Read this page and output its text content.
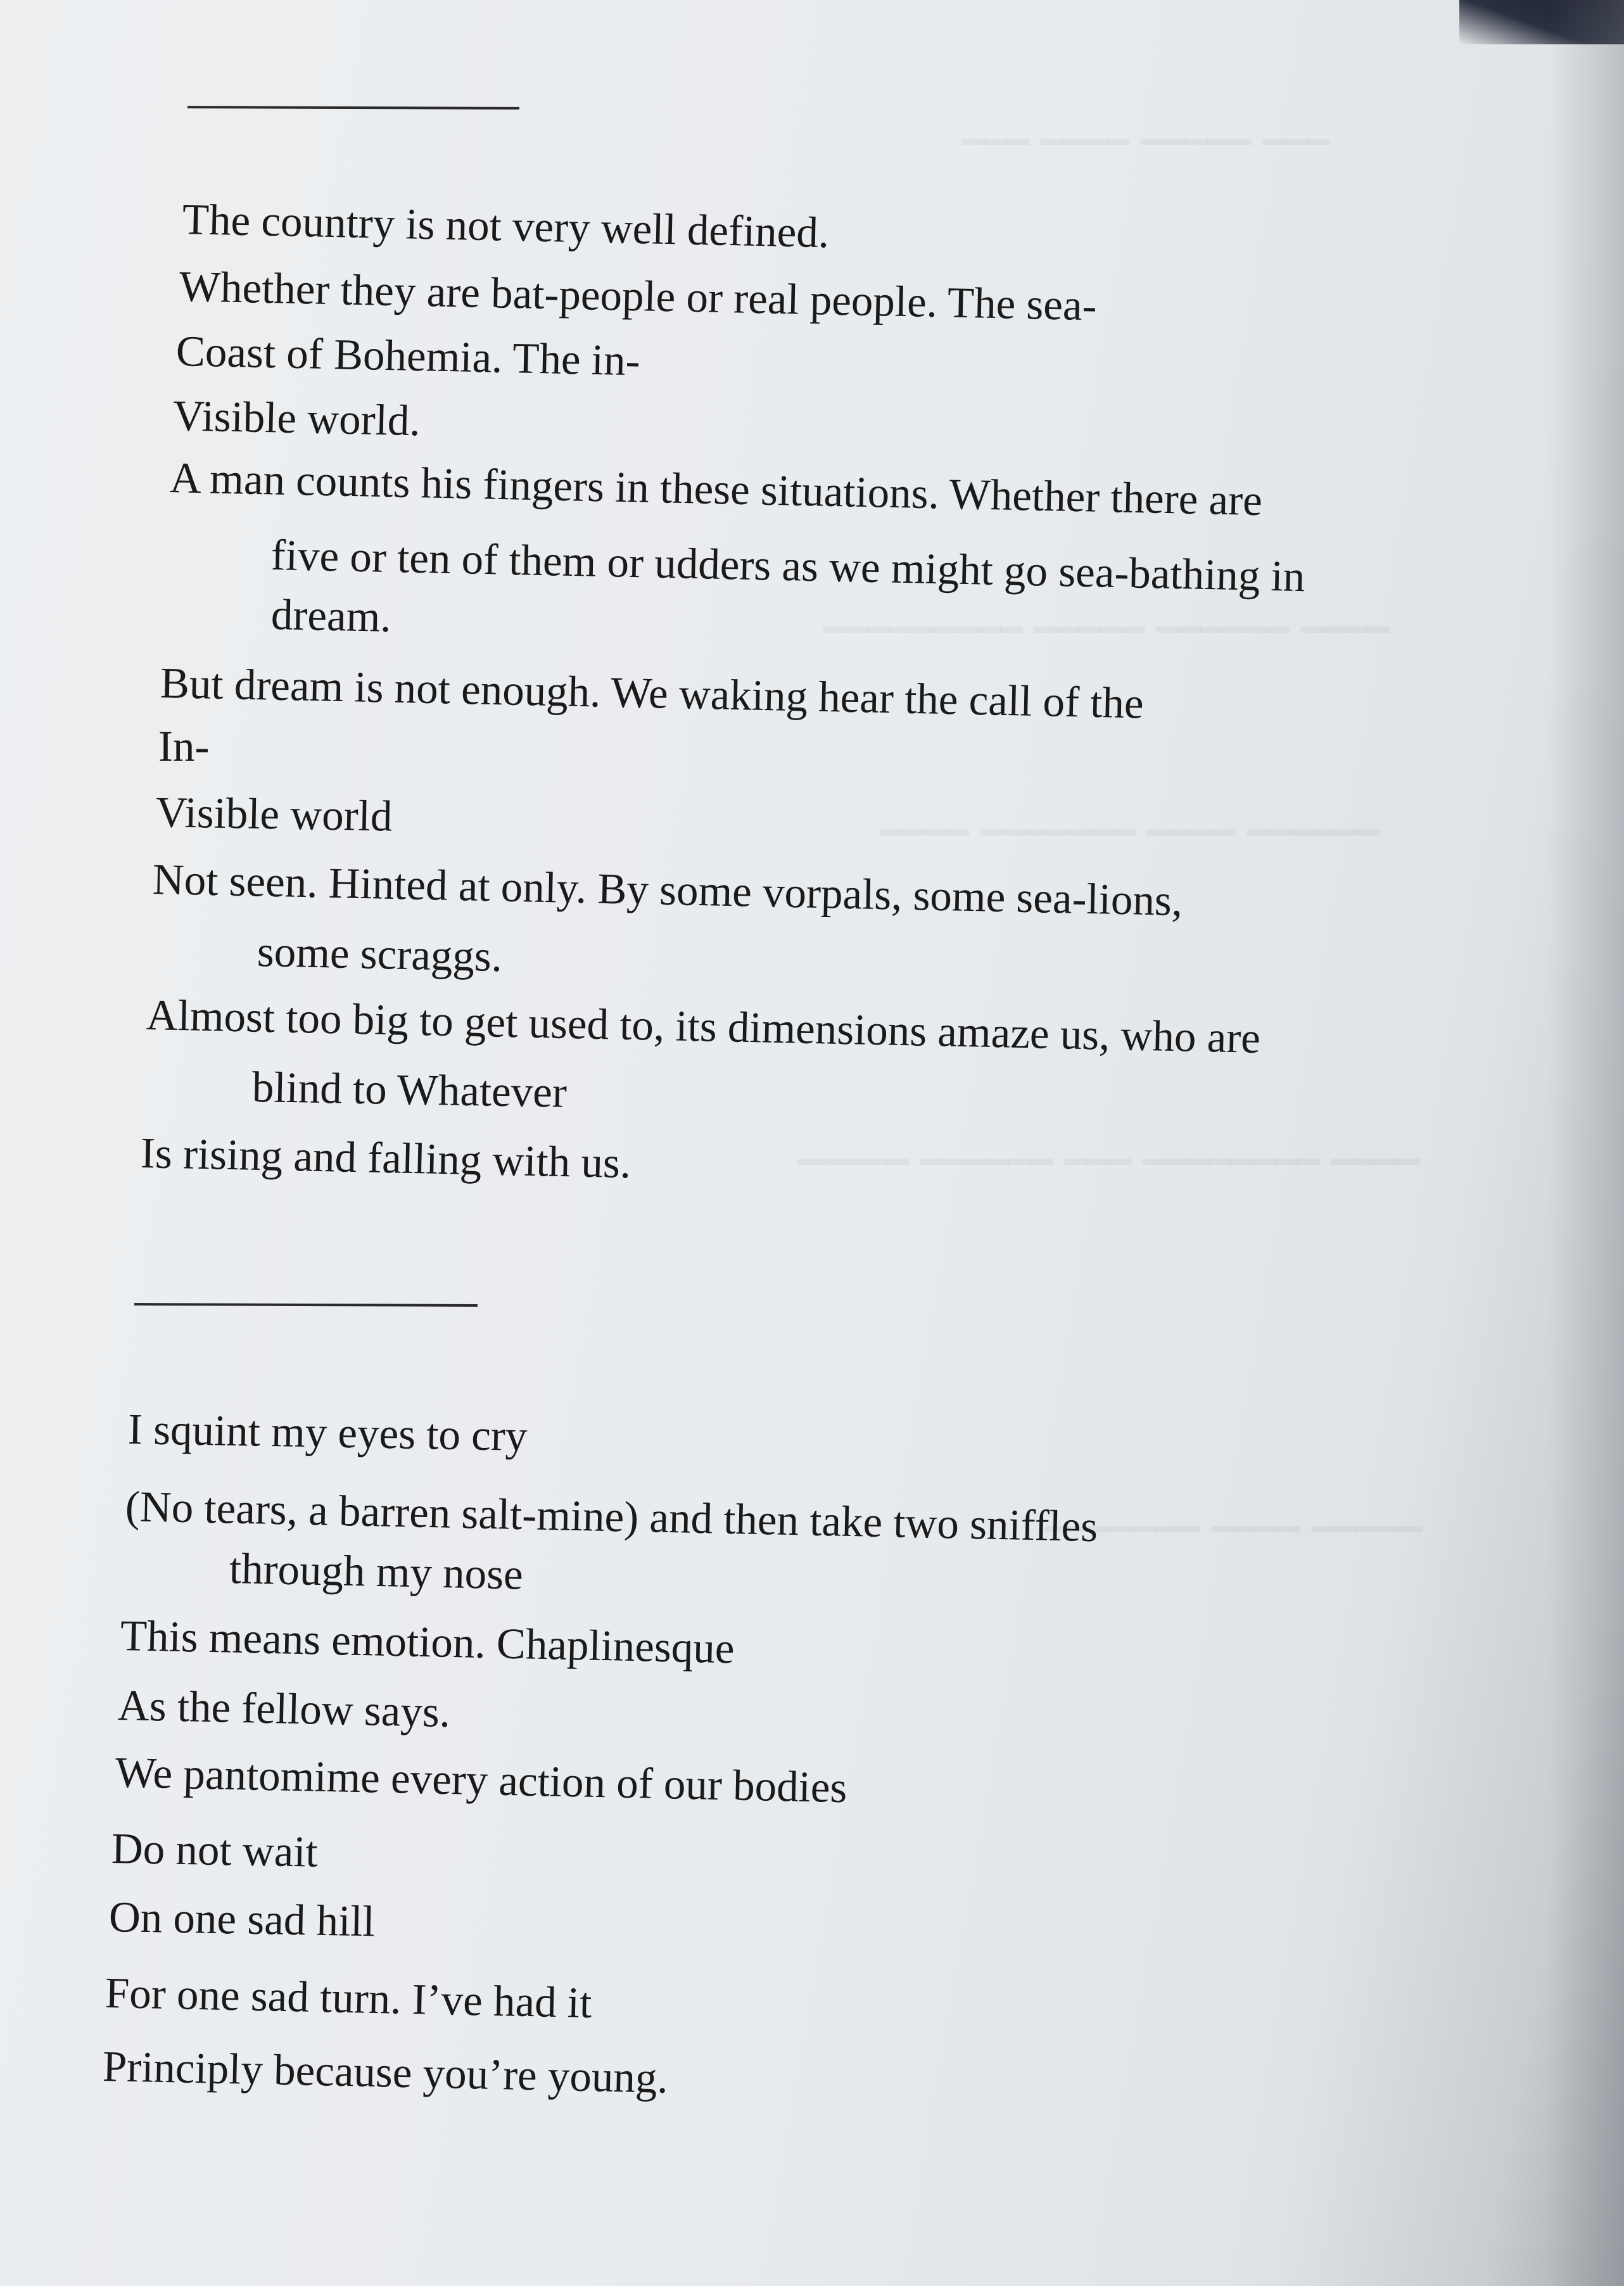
━━━ ━━━━━ ━━━━ ━━━
━━━━ ━━━━━━ ━━━━━ ━━━━━━━━━
━━━━━━ ━━━━ ━━━━━━━ ━━━━
━━━━ ━━━━━━━━ ━━━ ━━━━━━ ━━━━━
━━━━━ ━━━━ ━━━━━━━
The country is not very well defined.
Whether they are bat-people or real people. The sea-
Coast of Bohemia. The in-
Visible world.
A man counts his fingers in these situations. Whether there are
five or ten of them or udders as we might go sea-bathing in
dream.
But dream is not enough. We waking hear the call of the
In-
Visible world
Not seen. Hinted at only. By some vorpals, some sea-lions,
some scraggs.
Almost too big to get used to, its dimensions amaze us, who are
blind to Whatever
Is rising and falling with us.
I squint my eyes to cry
(No tears, a barren salt-mine) and then take two sniffles
through my nose
This means emotion. Chaplinesque
As the fellow says.
We pantomime every action of our bodies
Do not wait
On one sad hill
For one sad turn. I’ve had it
Principly because you’re young.
